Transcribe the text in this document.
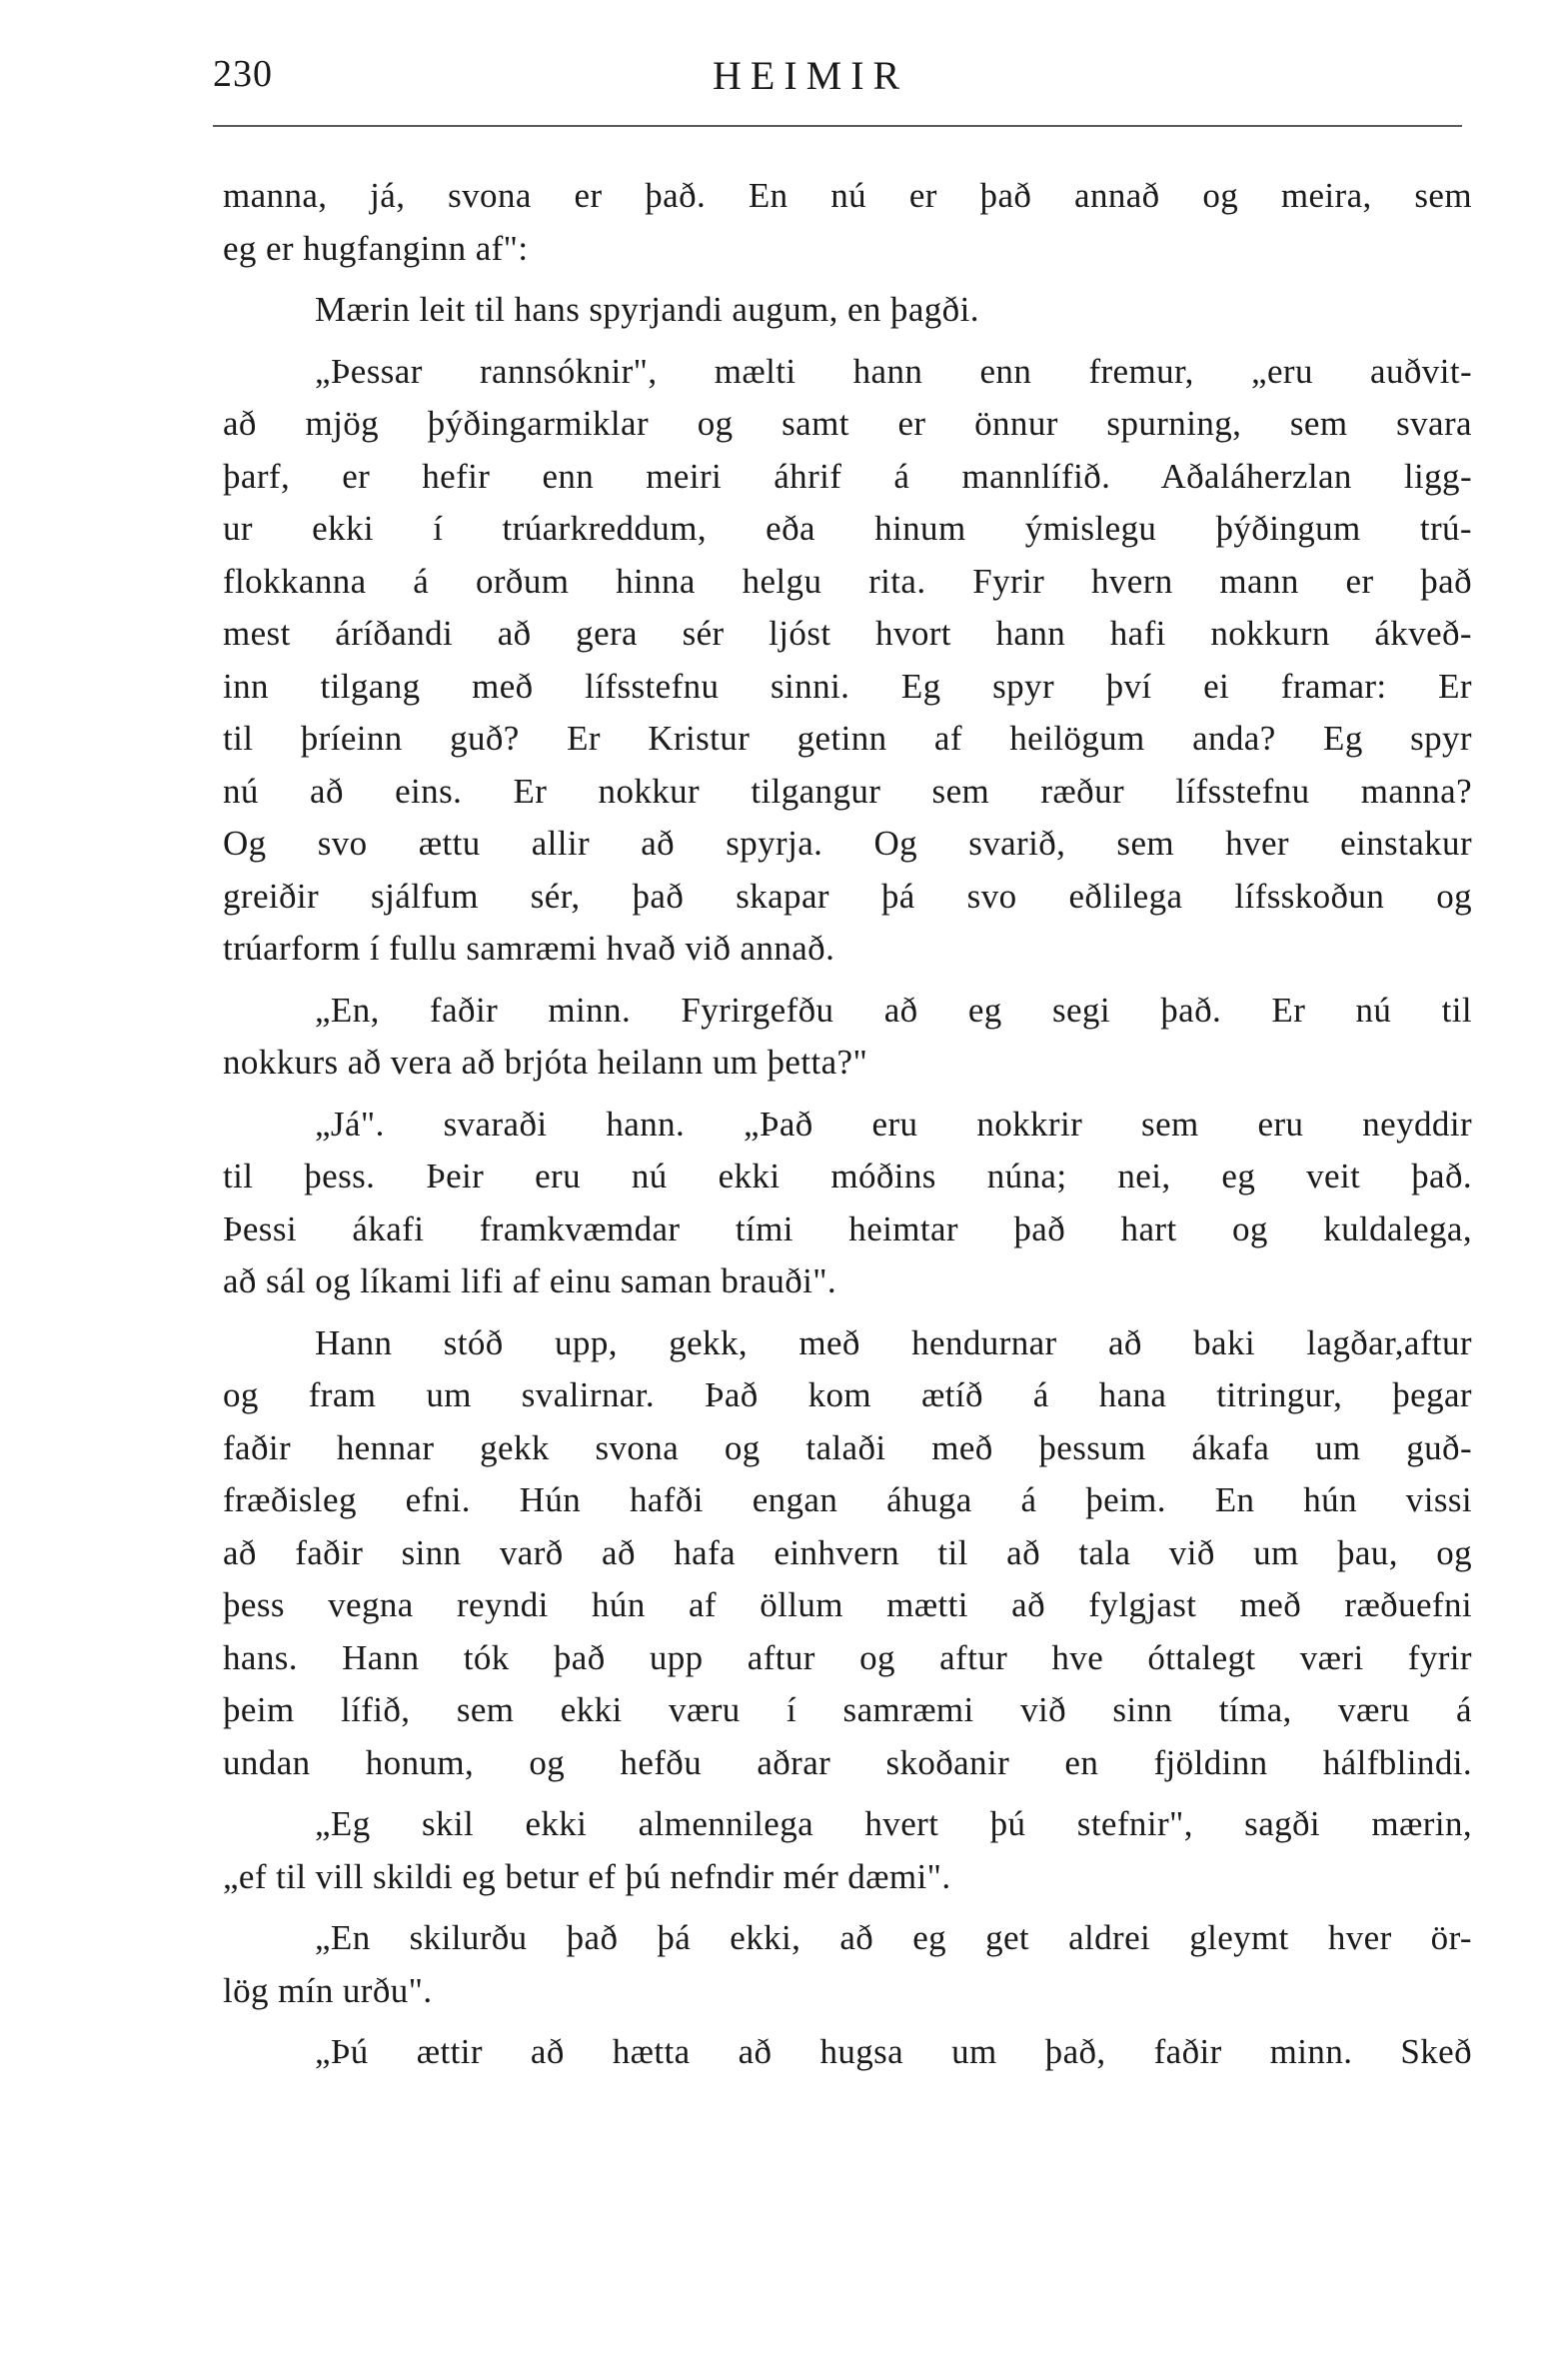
230	HEIMIR
manna, já, svona er það. En nú er það annað og meira, sem
eg er hugfanginn af":
Mærin leit til hans spyrjandi augum, en þagði.
„Þessar rannsóknir", mælti hann enn fremur, „eru auðvit-
að mjög þýðingarmiklar og samt er önnur spurning, sem svara
þarf, er hefir enn meiri áhrif á mannlífið. Aðaláherzlan ligg-
ur ekki í trúarkreddum, eða hinum ýmislegu þýðingum trú-
flokkanna á orðum hinna helgu rita. Fyrir hvern mann er það
mest áríðandi að gera sér ljóst hvort hann hafi nokkurn ákveð-
inn tilgang með lífsstefnu sinni. Eg spyr því ei framar: Er
til þríeinn guð? Er Kristur getinn af heilögum anda? Eg spyr
nú að eins. Er nokkur tilgangur sem ræður lífsstefnu manna?
Og svo ættu allir að spyrja. Og svarið, sem hver einstakur
greiðir sjálfum sér, það skapar þá svo eðlilega lífsskoðun og
trúarform í fullu samræmi hvað við annað.
„En, faðir minn. Fyrirgefðu að eg segi það. Er nú til
nokkurs að vera að brjóta heilann um þetta?"
„Já". svaraði hann. „Það eru nokkrir sem eru neyddir
til þess. Þeir eru nú ekki móðins núna; nei, eg veit það.
Þessi ákafi framkvæmdar tími heimtar það hart og kuldalega,
að sál og líkami lifi af einu saman brauði".
Hann stóð upp, gekk, með hendurnar að baki lagðar,aftur
og fram um svalirnar. Það kom ætíð á hana titringur, þegar
faðir hennar gekk svona og talaði með þessum ákafa um guð-
fræðisleg efni. Hún hafði engan áhuga á þeim. En hún vissi
að faðir sinn varð að hafa einhvern til að tala við um þau, og
þess vegna reyndi hún af öllum mætti að fylgjast með ræðuefni
hans. Hann tók það upp aftur og aftur hve óttalegt væri fyrir
þeim lífið, sem ekki væru í samræmi við sinn tíma, væru á
undan honum, og hefðu aðrar skoðanir en fjöldinn hálfblindi.
„Eg skil ekki almennilega hvert þú stefnir", sagði mærin,
„ef til vill skildi eg betur ef þú nefndir mér dæmi".
„En skilurðu það þá ekki, að eg get aldrei gleymt hver ör-
lög mín urðu".
„Þú ættir að hætta að hugsa um það, faðir minn. Skeð
